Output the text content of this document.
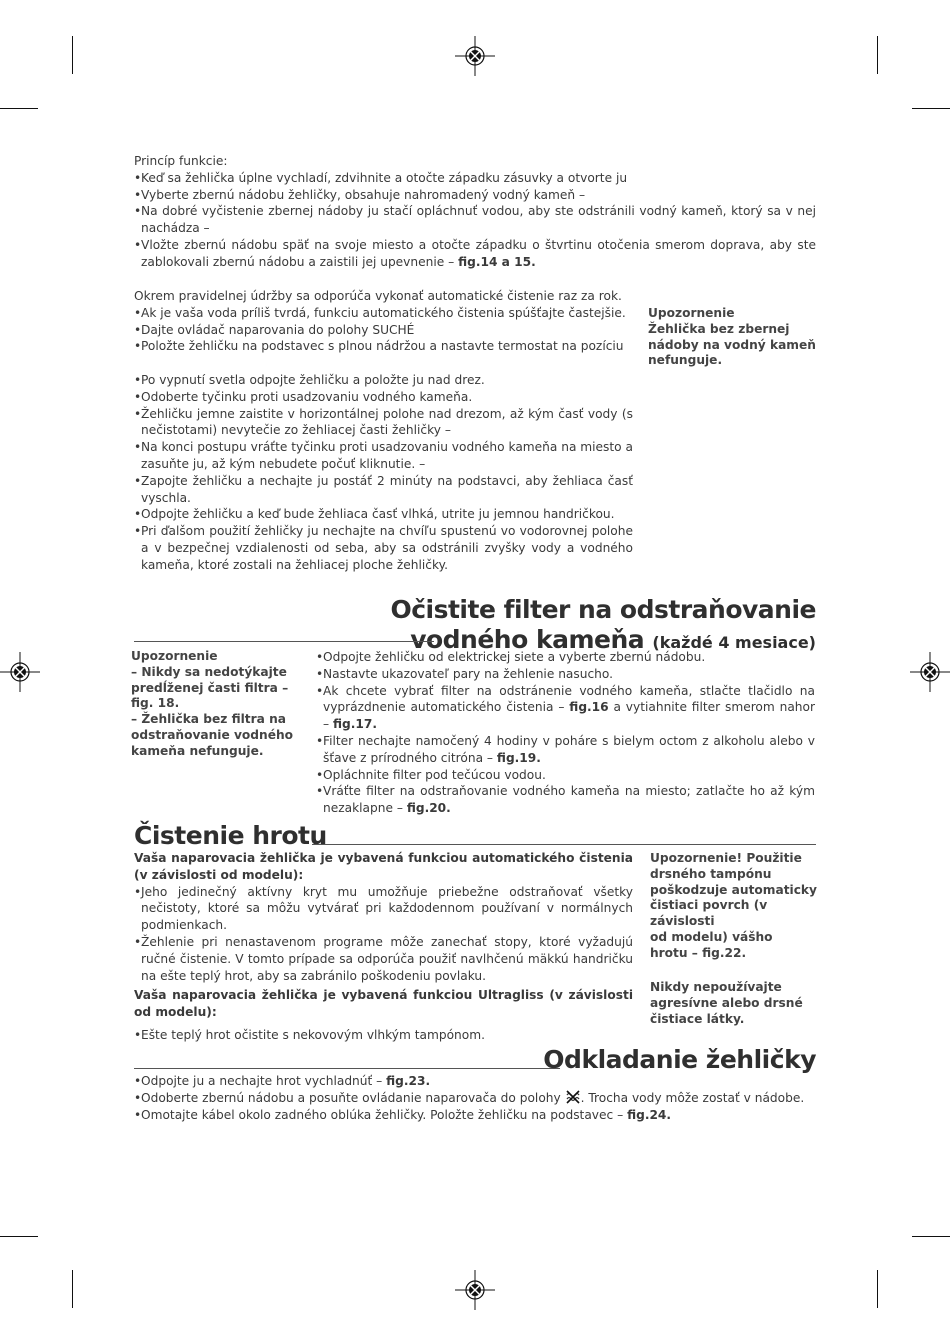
Princíp funkcie:
• Keď sa žehlička úplne vychladí, zdvihnite a otočte západku zásuvky a otvorte ju
• Vyberte zbernú nádobu žehličky, obsahuje nahromadený vodný kameň –
• Na dobré vyčistenie zbernej nádoby ju stačí opláchnuť vodou, aby ste odstránili vodný kameň, ktorý sa v nej nachádza –
• Vložte zbernú nádobu späť na svoje miesto a otočte západku o štvrtinu otočenia smerom doprava, aby ste zablokovali zbernú nádobu a zaistili jej upevnenie – fig.14 a 15.
Okrem pravidelnej údržby sa odporúča vykonať automatické čistenie raz za rok.
• Ak je vaša voda príliš tvrdá, funkciu automatického čistenia spúšťajte častejšie.
• Dajte ovládač naparovania do polohy SUCHÉ
• Položte žehličku na podstavec s plnou nádržou a nastavte termostat na pozíciu
• Po vypnutí svetla odpojte žehličku a položte ju nad drez.
• Odoberte tyčinku proti usadzovaniu vodného kameňa.
• Žehličku jemne zaistite v horizontálnej polohe nad drezom, až kým časť vody (s nečistotami) nevytečie zo žehliacej časti žehličky –
• Na konci postupu vráťte tyčinku proti usadzovaniu vodného kameňa na miesto a zasuňte ju, až kým nebudete počuť kliknutie. –
• Zapojte žehličku a nechajte ju postáť 2 minúty na podstavci, aby žehliaca časť vyschla.
• Odpojte žehličku a keď bude žehliaca časť vlhká, utrite ju jemnou handričkou.
• Pri ďalšom použití žehličky ju nechajte na chvíľu spustenú vo vodorovnej polohe a v bezpečnej vzdialenosti od seba, aby sa odstránili zvyšky vody a vodného kameňa, ktoré zostali na žehliacej ploche žehličky.
Upozornenie
Žehlička bez zbernej
nádoby na vodný kameň
nefunguje.
Očistite filter na odstraňovanie
vodného kameňa (každé 4 mesiace)
Upozornenie
– Nikdy sa nedotýkajte
predĺženej časti filtra –
fig. 18.
– Žehlička bez filtra na
odstraňovanie vodného
kameňa nefunguje.
• Odpojte žehličku od elektrickej siete a vyberte zbernú nádobu.
• Nastavte ukazovateľ pary na žehlenie nasucho.
• Ak chcete vybrať filter na odstránenie vodného kameňa, stlačte tlačidlo na vyprázdnenie automatického čistenia – fig.16 a vytiahnite filter smerom nahor – fig.17.
• Filter nechajte namočený 4 hodiny v poháre s bielym octom z alkoholu alebo v šťave z prírodného citróna – fig.19.
• Opláchnite filter pod tečúcou vodou.
• Vráťte filter na odstraňovanie vodného kameňa na miesto; zatlačte ho až kým nezaklapne – fig.20.
Čistenie hrotu
Vaša naparovacia žehlička je vybavená funkciou automatického čistenia (v závislosti od modelu):
• Jeho jedinečný aktívny kryt mu umožňuje priebežne odstraňovať všetky nečistoty, ktoré sa môžu vytvárať pri každodennom používaní v normálnych podmienkach.
• Žehlenie pri nenastavenom programe môže zanechať stopy, ktoré vyžadujú ručné čistenie. V tomto prípade sa odporúča použiť navlhčenú mäkkú handričku na ešte teplý hrot, aby sa zabránilo poškodeniu povlaku.
Vaša naparovacia žehlička je vybavená funkciou Ultragliss (v závislosti od modelu):
• Ešte teplý hrot očistite s nekovovým vlhkým tampónom.
Upozornenie! Použitie
drsného tampónu
poškodzuje automaticky
čistiaci povrch (v závislosti
od modelu) vášho
hrotu – fig.22.
Nikdy nepoužívajte
agresívne alebo drsné
čistiace látky.
Odkladanie žehličky
• Odpojte ju a nechajte hrot vychladnúť – fig.23.
• Odoberte zbernú nádobu a posuňte ovládanie naparovača do polohy . Trocha vody môže zostať v nádobe.
• Omotajte kábel okolo zadného oblúka žehličky. Položte žehličku na podstavec – fig.24.
